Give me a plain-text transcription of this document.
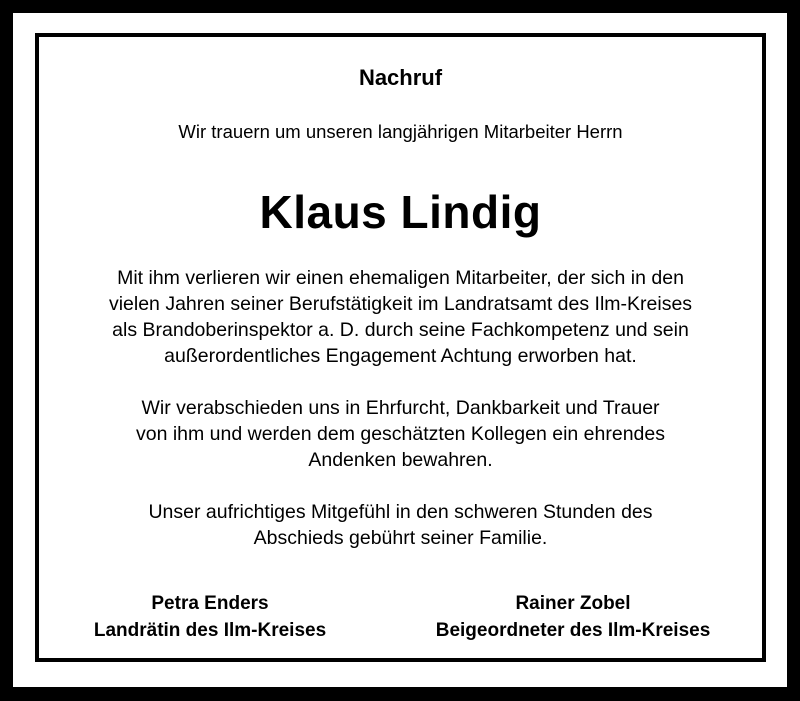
Nachruf
Wir trauern um unseren langjährigen Mitarbeiter Herrn
Klaus Lindig
Mit ihm verlieren wir einen ehemaligen Mitarbeiter, der sich in den
vielen Jahren seiner Berufstätigkeit im Landratsamt des Ilm-Kreises
als Brandoberinspektor a. D. durch seine Fachkompetenz und sein
außerordentliches Engagement Achtung erworben hat.
Wir verabschieden uns in Ehrfurcht, Dankbarkeit und Trauer
von ihm und werden dem geschätzten Kollegen ein ehrendes
Andenken bewahren.
Unser aufrichtiges Mitgefühl in den schweren Stunden des
Abschieds gebührt seiner Familie.
Petra Enders
Landrätin des Ilm-Kreises
Rainer Zobel
Beigeordneter des Ilm-Kreises
